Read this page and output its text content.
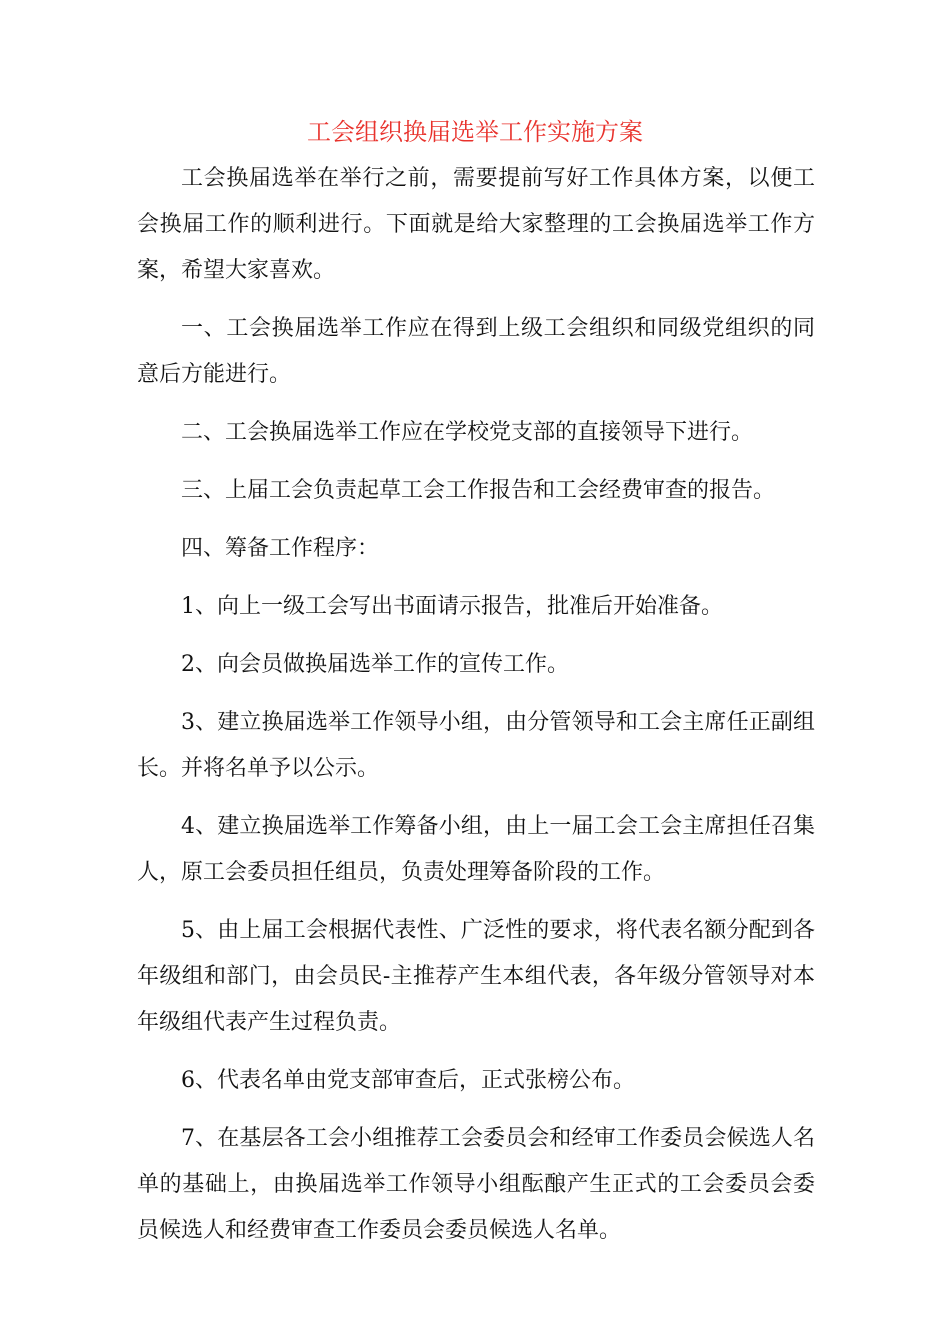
工会组织换届选举工作实施方案

工会换届选举在举行之前，需要提前写好工作具体方案，以便工会换届工作的顺利进行。下面就是给大家整理的工会换届选举工作方案，希望大家喜欢。

一、工会换届选举工作应在得到上级工会组织和同级党组织的同意后方能进行。

二、工会换届选举工作应在学校党支部的直接领导下进行。

三、上届工会负责起草工会工作报告和工会经费审查的报告。

四、筹备工作程序：

1、向上一级工会写出书面请示报告，批准后开始准备。

2、向会员做换届选举工作的宣传工作。

3、建立换届选举工作领导小组，由分管领导和工会主席任正副组长。并将名单予以公示。

4、建立换届选举工作筹备小组，由上一届工会工会主席担任召集人，原工会委员担任组员，负责处理筹备阶段的工作。

5、由上届工会根据代表性、广泛性的要求，将代表名额分配到各年级组和部门，由会员民-主推荐产生本组代表，各年级分管领导对本年级组代表产生过程负责。

6、代表名单由党支部审查后，正式张榜公布。

7、在基层各工会小组推荐工会委员会和经审工作委员会候选人名单的基础上，由换届选举工作领导小组酝酿产生正式的工会委员会委员候选人和经费审查工作委员会委员候选人名单。
